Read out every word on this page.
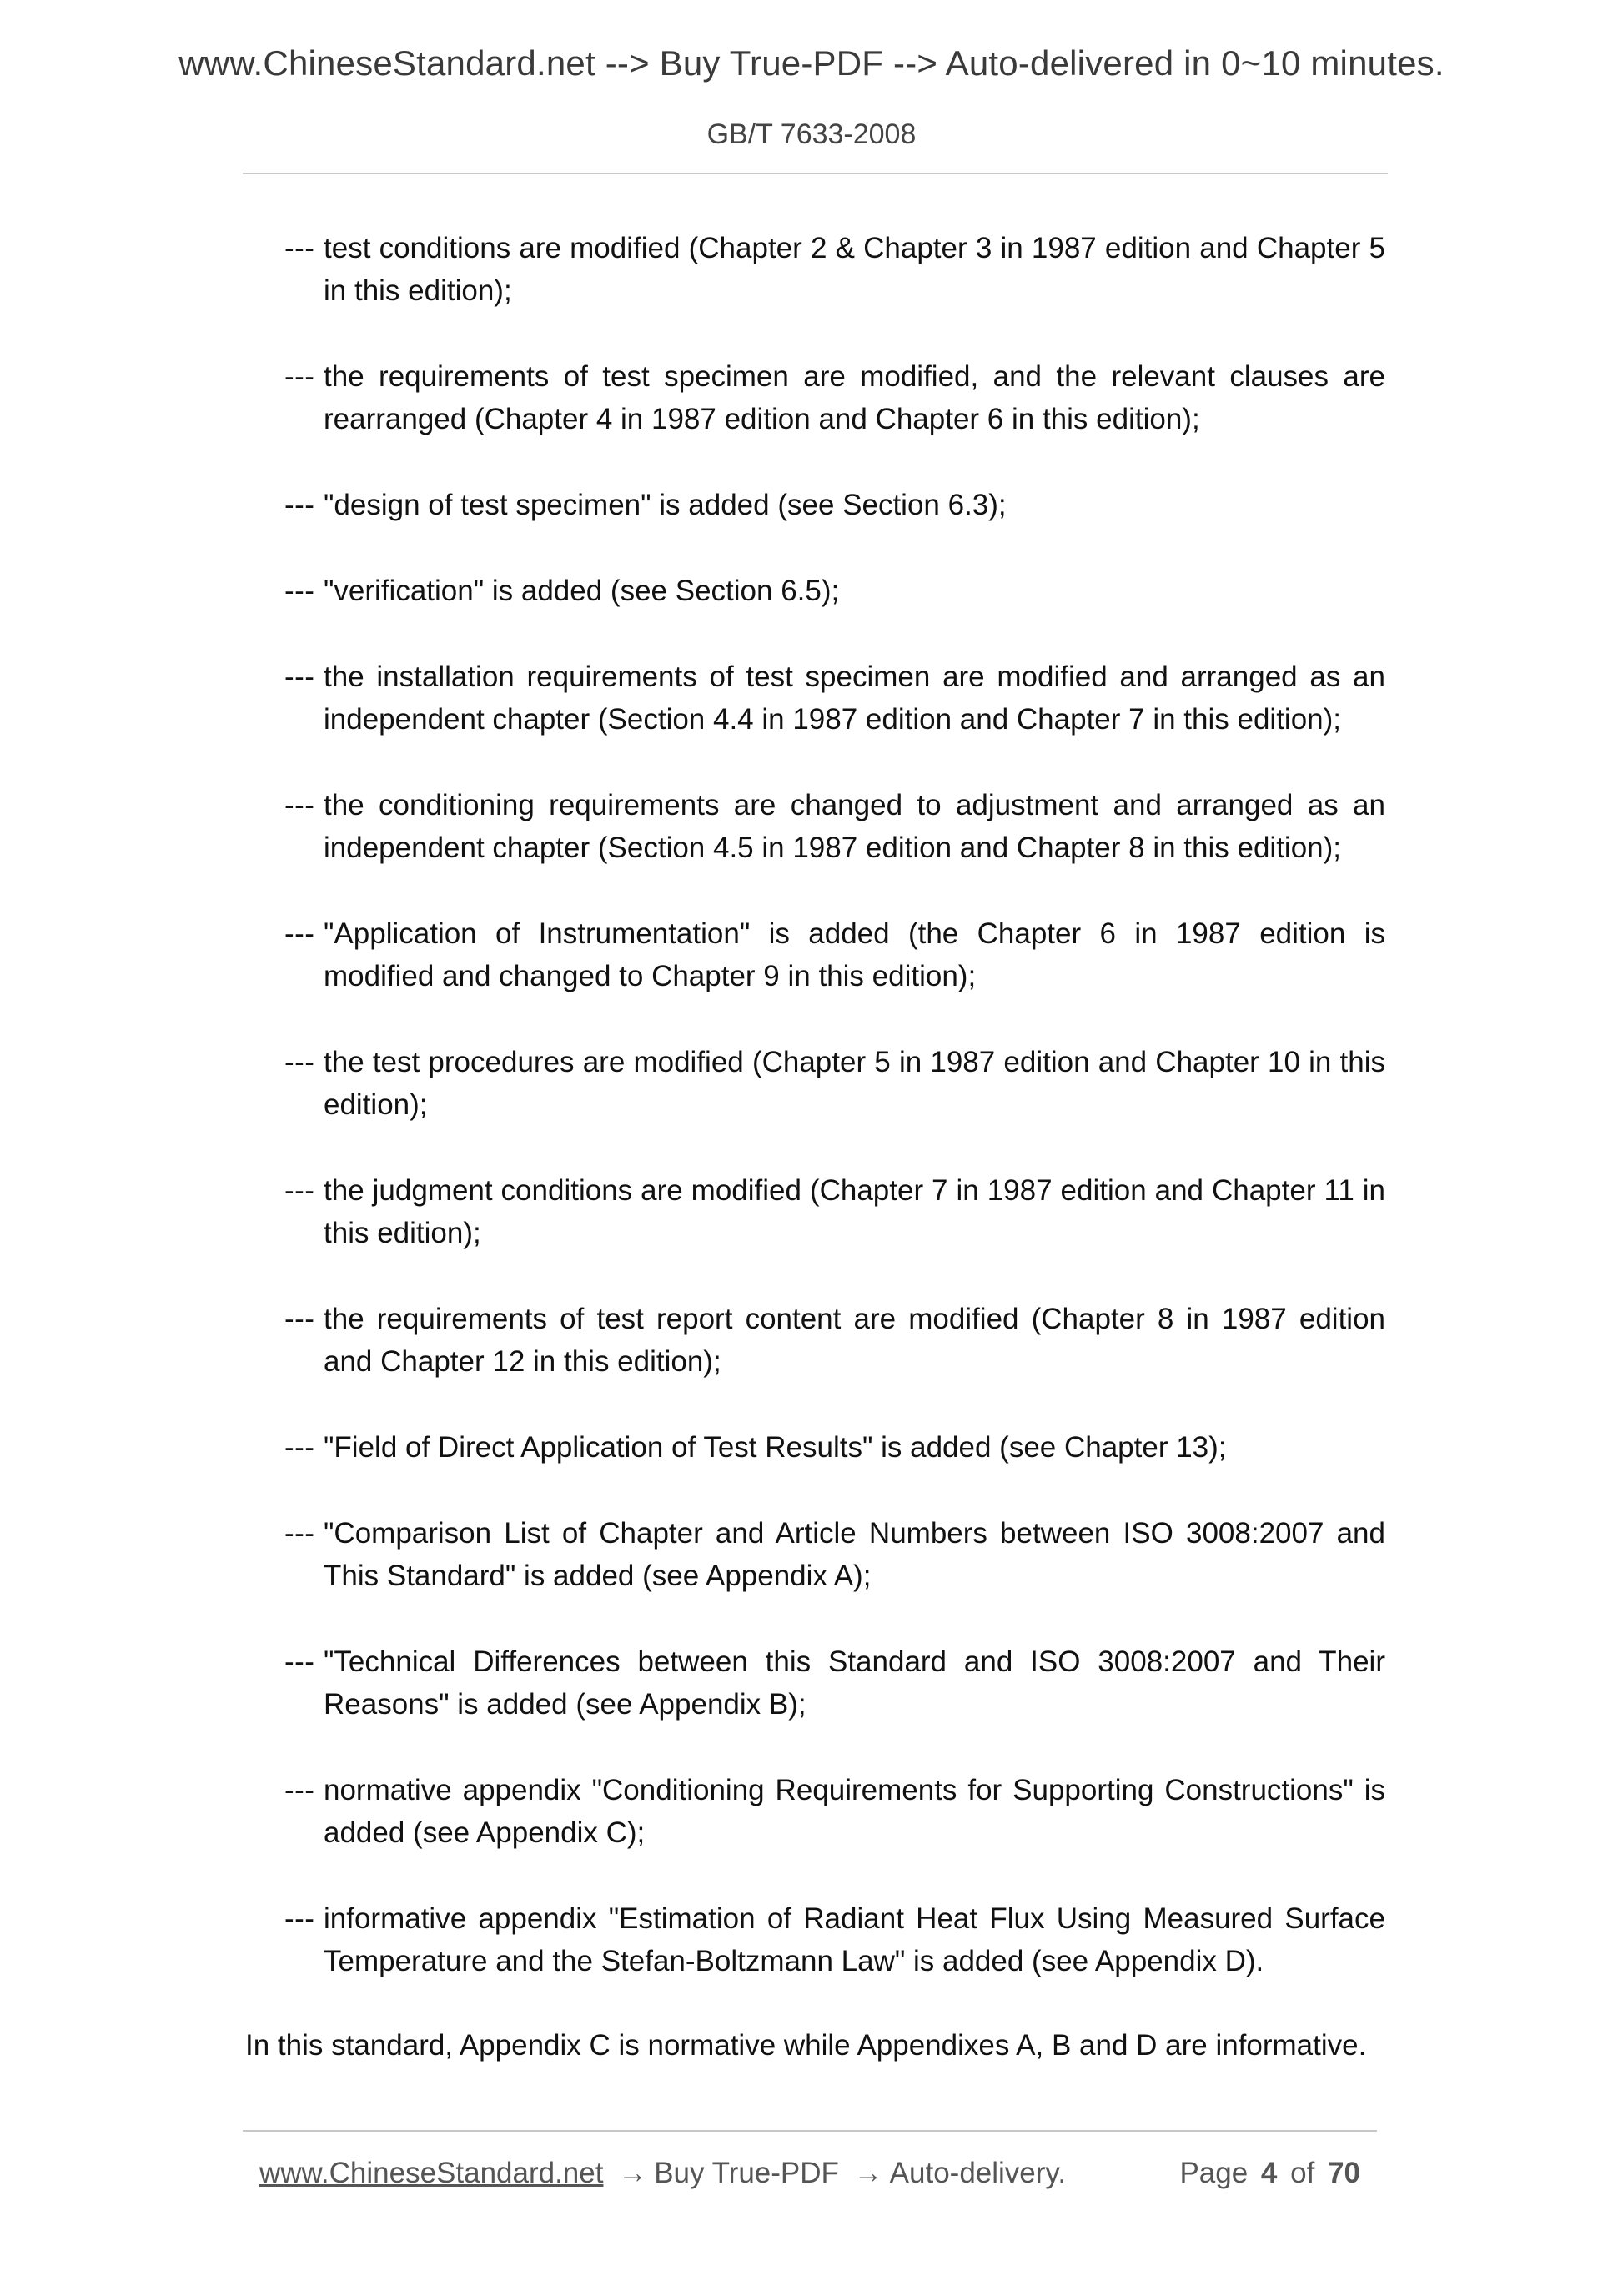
www.ChineseStandard.net --> Buy True-PDF --> Auto-delivered in 0~10 minutes.
GB/T 7633-2008
--- test conditions are modified (Chapter 2 & Chapter 3 in 1987 edition and Chapter 5 in this edition);
--- the requirements of test specimen are modified, and the relevant clauses are rearranged (Chapter 4 in 1987 edition and Chapter 6 in this edition);
--- "design of test specimen" is added (see Section 6.3);
--- "verification" is added (see Section 6.5);
--- the installation requirements of test specimen are modified and arranged as an independent chapter (Section 4.4 in 1987 edition and Chapter 7 in this edition);
--- the conditioning requirements are changed to adjustment and arranged as an independent chapter (Section 4.5 in 1987 edition and Chapter 8 in this edition);
--- "Application of Instrumentation" is added (the Chapter 6 in 1987 edition is modified and changed to Chapter 9 in this edition);
--- the test procedures are modified (Chapter 5 in 1987 edition and Chapter 10 in this edition);
--- the judgment conditions are modified (Chapter 7 in 1987 edition and Chapter 11 in this edition);
--- the requirements of test report content are modified (Chapter 8 in 1987 edition and Chapter 12 in this edition);
--- "Field of Direct Application of Test Results" is added (see Chapter 13);
--- "Comparison List of Chapter and Article Numbers between ISO 3008:2007 and This Standard" is added (see Appendix A);
--- "Technical Differences between this Standard and ISO 3008:2007 and Their Reasons" is added (see Appendix B);
--- normative appendix "Conditioning Requirements for Supporting Constructions" is added (see Appendix C);
--- informative appendix "Estimation of Radiant Heat Flux Using Measured Surface Temperature and the Stefan-Boltzmann Law" is added (see Appendix D).

In this standard, Appendix C is normative while Appendixes A, B and D are informative.

www.ChineseStandard.net → Buy True-PDF → Auto-delivery.	Page 4 of 70
